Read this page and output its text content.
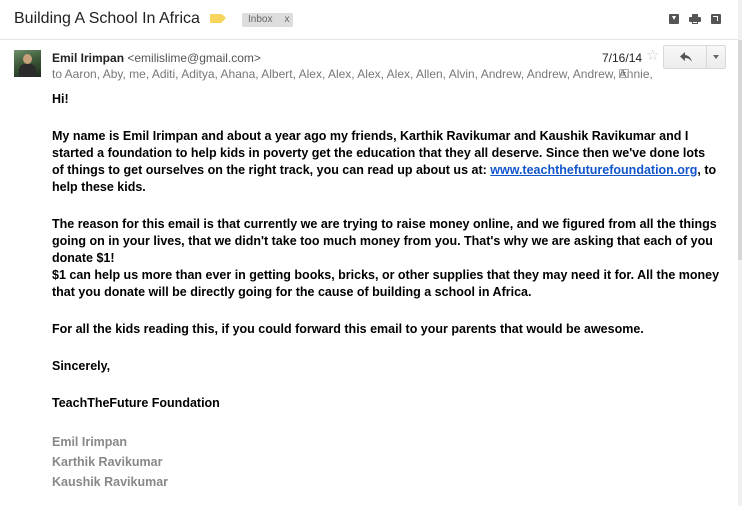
Building A School In Africa	Inbox x
Emil Irimpan <emilislime@gmail.com>	7/16/14 ☆
to Aaron, Aby, me, Aditi, Aditya, Ahana, Albert, Alex, Alex, Alex, Alex, Allen, Alvin, Andrew, Andrew, Andrew, Annie,

Hi!

My name is Emil Irimpan and about a year ago my friends, Karthik Ravikumar and Kaushik Ravikumar and I started a foundation to help kids in poverty get the education that they all deserve. Since then we've done lots of things to get ourselves on the right track, you can read up about us at: www.teachthefuturefoundation.org, to help these kids.

The reason for this email is that currently we are trying to raise money online, and we figured from all the things going on in your lives, that we didn't take too much money from you. That's why we are asking that each of you donate $1!

$1 can help us more than ever in getting books, bricks, or other supplies that they may need it for. All the money that you donate will be directly going for the cause of building a school in Africa.

For all the kids reading this, if you could forward this email to your parents that would be awesome.

Sincerely,

TeachTheFuture Foundation

Emil Irimpan

Karthik Ravikumar

Kaushik Ravikumar
